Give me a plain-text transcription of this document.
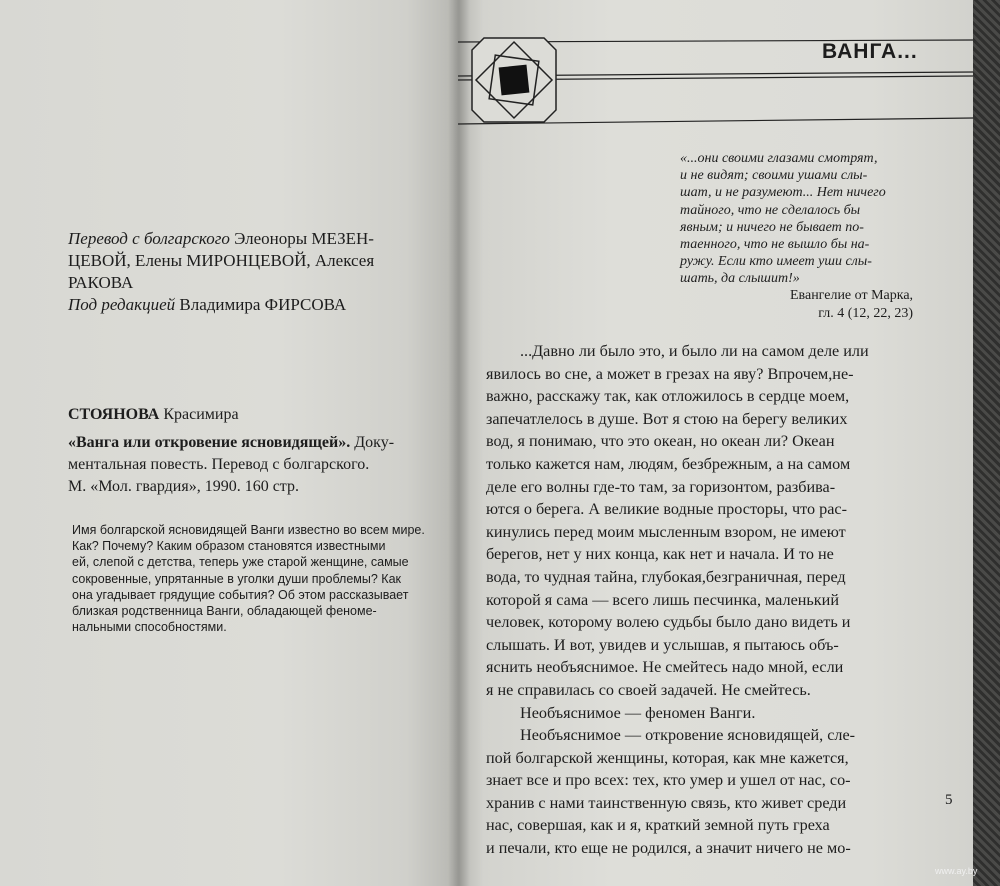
Перевод с болгарского Элеоноры МЕЗЕН-
ЦЕВОЙ, Елены МИРОНЦЕВОЙ, Алексея
РАКОВА
Под редакцией Владимира ФИРСОВА
СТОЯНОВА Красимира
«Ванга или откровение ясновидящей». Доку-
ментальная повесть. Перевод с болгарского.
М. «Мол. гвардия», 1990. 160 стр.
Имя болгарской ясновидящей Ванги известно во всем мире.
Как? Почему? Каким образом становятся известными
ей, слепой с детства, теперь уже старой женщине, самые
сокровенные, упрятанные в уголки души проблемы? Как
она угадывает грядущие события? Об этом рассказывает
близкая родственница Ванги, обладающей феноме-
нальными способностями.
ВАНГА...
«...они своими глазами смотрят,
и не видят; своими ушами слы-
шат, и не разумеют... Нет ничего
тайного, что не сделалось бы
явным; и ничего не бывает по-
таенного, что не вышло бы на-
ружу. Если кто имеет уши слы-
шать, да слышит!»
Евангелие от Марка,
гл. 4 (12, 22, 23)
...Давно ли было это, и было ли на самом деле или
явилось во сне, а может в грезах на яву? Впрочем,не-
важно, расскажу так, как отложилось в сердце моем,
запечатлелось в душе. Вот я стою на берегу великих
вод, я понимаю, что это океан, но океан ли? Океан
только кажется нам, людям, безбрежным, а на самом
деле его волны где-то там, за горизонтом, разбива-
ются о берега. А великие водные просторы, что рас-
кинулись перед моим мысленным взором, не имеют
берегов, нет у них конца, как нет и начала. И то не
вода, то чудная тайна, глубокая,безграничная, перед
которой я сама — всего лишь песчинка, маленький
человек, которому волею судьбы было дано видеть и
слышать. И вот, увидев и услышав, я пытаюсь объ-
яснить необъяснимое. Не смейтесь надо мной, если
я не справилась со своей задачей. Не смейтесь.
Необъяснимое — феномен Ванги.
Необъяснимое — откровение ясновидящей, сле-
пой болгарской женщины, которая, как мне кажется,
знает все и про всех: тех, кто умер и ушел от нас, со-
хранив с нами таинственную связь, кто живет среди
нас, совершая, как и я, краткий земной путь греха
и печали, кто еще не родился, а значит ничего не мо-
5
www.ay.by
